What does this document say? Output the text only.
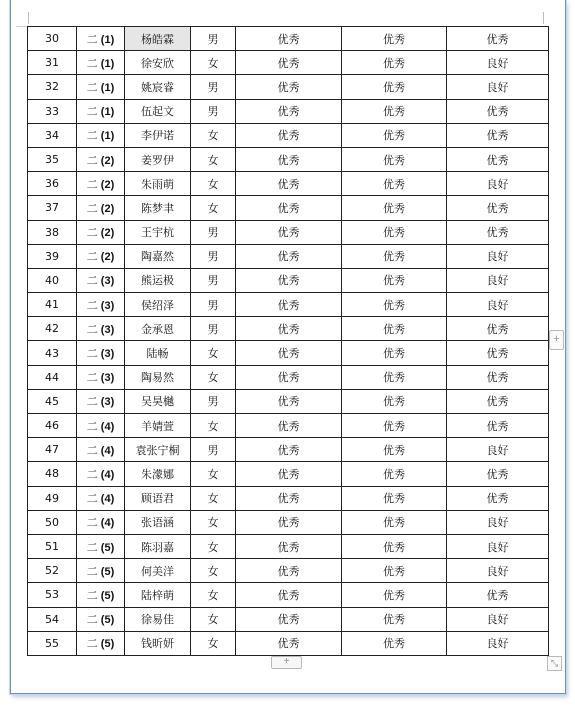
30	二 (1)	杨皓霖	男	优秀	优秀	优秀
31	二 (1)	徐安欣	女	优秀	优秀	良好
32	二 (1)	姚宸睿	男	优秀	优秀	良好
33	二 (1)	伍起文	男	优秀	优秀	优秀
34	二 (1)	李伊诺	女	优秀	优秀	优秀
35	二 (2)	姜罗伊	女	优秀	优秀	优秀
36	二 (2)	朱雨萌	女	优秀	优秀	良好
37	二 (2)	陈梦聿	女	优秀	优秀	优秀
38	二 (2)	王宇杭	男	优秀	优秀	优秀
39	二 (2)	陶嘉然	男	优秀	优秀	良好
40	二 (3)	熊运极	男	优秀	优秀	良好
41	二 (3)	侯绍泽	男	优秀	优秀	良好
42	二 (3)	金承恩	男	优秀	优秀	优秀
43	二 (3)	陆畅	女	优秀	优秀	优秀
44	二 (3)	陶易然	女	优秀	优秀	优秀
45	二 (3)	吴昊樾	男	优秀	优秀	优秀
46	二 (4)	羊婧萱	女	优秀	优秀	优秀
47	二 (4)	袁张宁桐	男	优秀	优秀	良好
48	二 (4)	朱濛娜	女	优秀	优秀	优秀
49	二 (4)	顾语君	女	优秀	优秀	优秀
50	二 (4)	张语涵	女	优秀	优秀	良好
51	二 (5)	陈羽嘉	女	优秀	优秀	良好
52	二 (5)	何美洋	女	优秀	优秀	良好
53	二 (5)	陆梓萌	女	优秀	优秀	优秀
54	二 (5)	徐易佳	女	优秀	优秀	良好
55	二 (5)	钱昕妍	女	优秀	优秀	良好
+
+	⤡
